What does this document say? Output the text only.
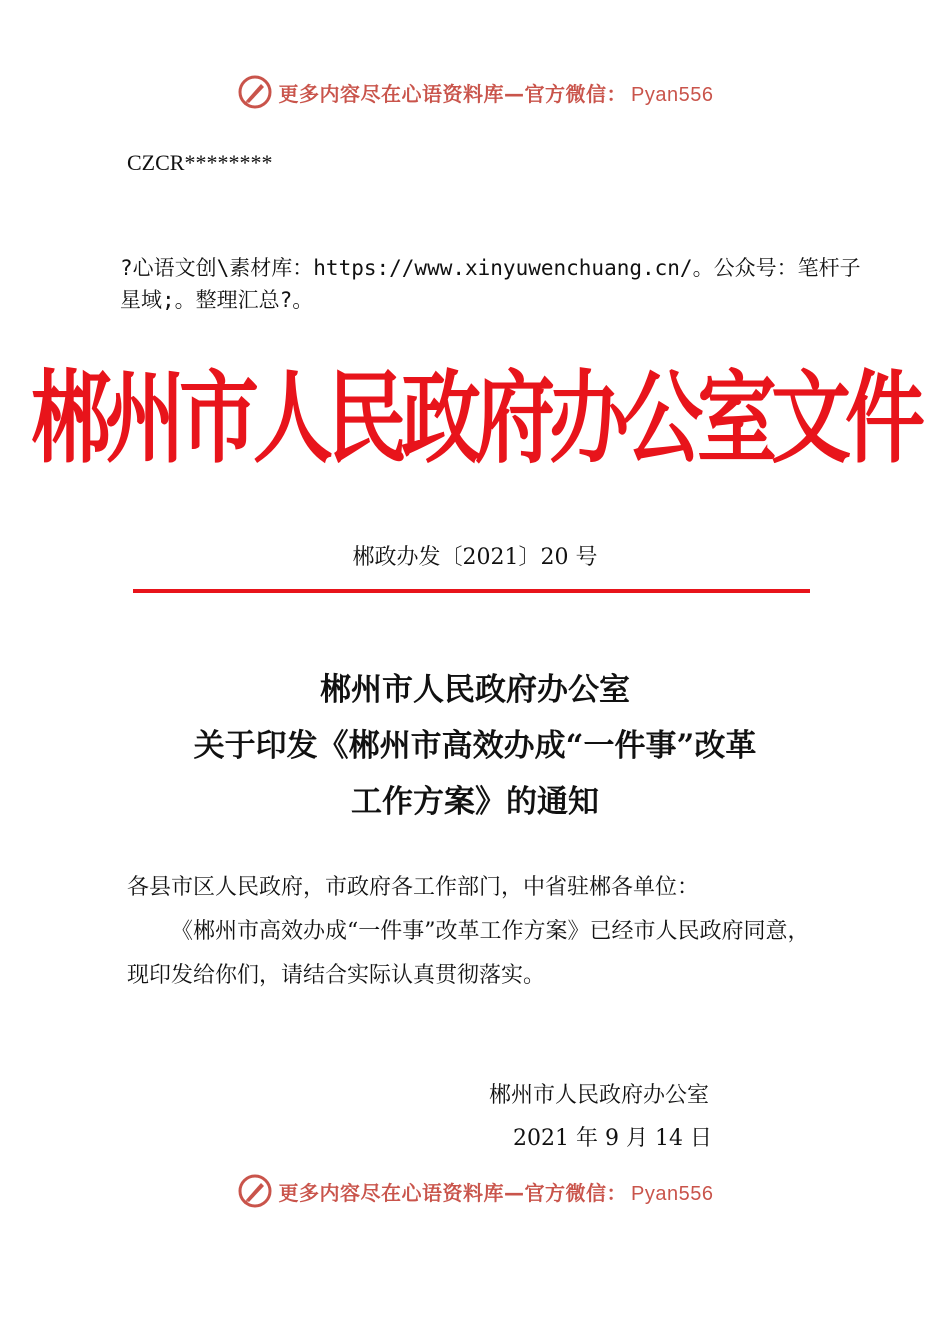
更多内容尽在心语资料库—官方微信： Pyan556
CZCR********
?心语文创\素材库：https://www.xinyuwenchuang.cn/。公众号：笔杆子星域;。整理汇总?。
郴州市人民政府办公室文件
郴政办发〔2021〕20 号
郴州市人民政府办公室
关于印发《郴州市高效办成“一件事”改革
工作方案》的通知
各县市区人民政府，市政府各工作部门，中省驻郴各单位：
《郴州市高效办成“一件事”改革工作方案》已经市人民政府同意，现印发给你们，请结合实际认真贯彻落实。
郴州市人民政府办公室
2021 年 9 月 14 日
更多内容尽在心语资料库—官方微信： Pyan556
